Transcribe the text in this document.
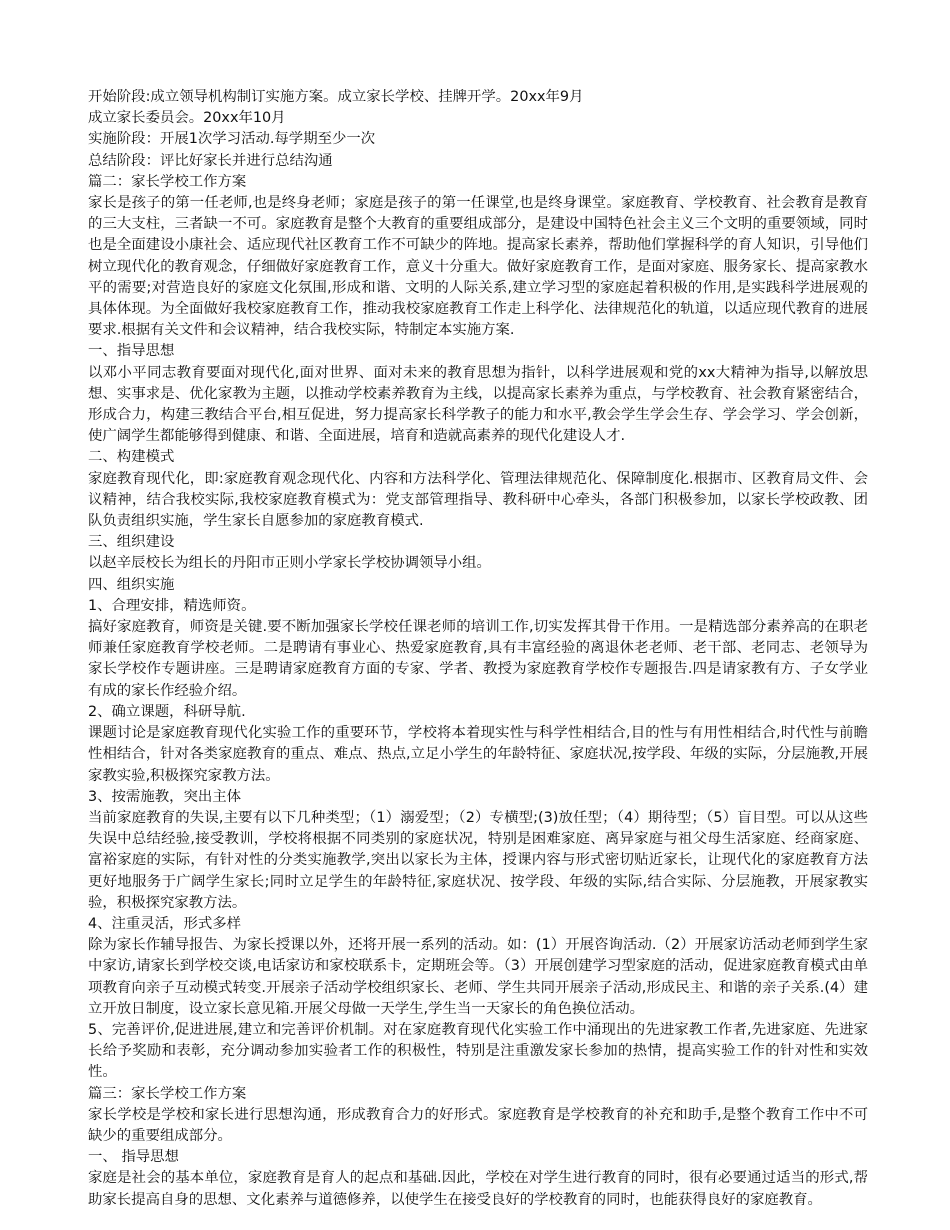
开始阶段:成立领导机构制订实施方案。成立家长学校、挂牌开学。20xx年9月
成立家长委员会。20xx年10月
实施阶段：开展1次学习活动.每学期至少一次
总结阶段：评比好家长并进行总结沟通
篇二：家长学校工作方案
家长是孩子的第一任老师,也是终身老师；家庭是孩子的第一任课堂,也是终身课堂。家庭教育、学校教育、社会教育是教育的三大支柱，三者缺一不可。家庭教育是整个大教育的重要组成部分，是建设中国特色社会主义三个文明的重要领域，同时也是全面建设小康社会、适应现代社区教育工作不可缺少的阵地。提高家长素养，帮助他们掌握科学的育人知识，引导他们树立现代化的教育观念，仔细做好家庭教育工作，意义十分重大。做好家庭教育工作，是面对家庭、服务家长、提高家教水平的需要;对营造良好的家庭文化氛围,形成和谐、文明的人际关系,建立学习型的家庭起着积极的作用,是实践科学进展观的具体体现。为全面做好我校家庭教育工作，推动我校家庭教育工作走上科学化、法律规范化的轨道，以适应现代教育的进展要求.根据有关文件和会议精神，结合我校实际，特制定本实施方案.
一、指导思想
以邓小平同志教育要面对现代化,面对世界、面对未来的教育思想为指针，以科学进展观和党的xx大精神为指导,以解放思想、实事求是、优化家教为主题，以推动学校素养教育为主线，以提高家长素养为重点，与学校教育、社会教育紧密结合，形成合力，构建三教结合平台,相互促进，努力提高家长科学教子的能力和水平,教会学生学会生存、学会学习、学会创新，使广阔学生都能够得到健康、和谐、全面进展，培育和造就高素养的现代化建设人才.
二、构建模式
家庭教育现代化，即:家庭教育观念现代化、内容和方法科学化、管理法律规范化、保障制度化.根据市、区教育局文件、会议精神，结合我校实际,我校家庭教育模式为：党支部管理指导、教科研中心牵头，各部门积极参加，以家长学校政教、团队负责组织实施，学生家长自愿参加的家庭教育模式.
三、组织建设
以赵辛辰校长为组长的丹阳市正则小学家长学校协调领导小组。
四、组织实施
1、合理安排，精选师资。
搞好家庭教育，师资是关键.要不断加强家长学校任课老师的培训工作,切实发挥其骨干作用。一是精选部分素养高的在职老师兼任家庭教育学校老师。二是聘请有事业心、热爱家庭教育,具有丰富经验的离退休老老师、老干部、老同志、老领导为家长学校作专题讲座。三是聘请家庭教育方面的专家、学者、教授为家庭教育学校作专题报告.四是请家教有方、子女学业有成的家长作经验介绍。
2、确立课题，科研导航.
课题讨论是家庭教育现代化实验工作的重要环节，学校将本着现实性与科学性相结合,目的性与有用性相结合,时代性与前瞻性相结合，针对各类家庭教育的重点、难点、热点,立足小学生的年龄特征、家庭状况,按学段、年级的实际，分层施教,开展家教实验,积极探究家教方法。
3、按需施教，突出主体
当前家庭教育的失误,主要有以下几种类型；（1）溺爱型；（2）专横型;(3)放任型；（4）期待型；（5）盲目型。可以从这些失误中总结经验,接受教训，学校将根据不同类别的家庭状况，特别是困难家庭、离异家庭与祖父母生活家庭、经商家庭、富裕家庭的实际，有针对性的分类实施教学,突出以家长为主体，授课内容与形式密切贴近家长，让现代化的家庭教育方法更好地服务于广阔学生家长;同时立足学生的年龄特征,家庭状况、按学段、年级的实际,结合实际、分层施教，开展家教实验，积极探究家教方法。
4、注重灵活，形式多样
除为家长作辅导报告、为家长授课以外，还将开展一系列的活动。如：(1）开展咨询活动.（2）开展家访活动老师到学生家中家访,请家长到学校交谈,电话家访和家校联系卡，定期班会等。（3）开展创建学习型家庭的活动，促进家庭教育模式由单项教育向亲子互动模式转变.开展亲子活动学校组织家长、老师、学生共同开展亲子活动,形成民主、和谐的亲子关系.(4）建立开放日制度，设立家长意见箱.开展父母做一天学生,学生当一天家长的角色换位活动。
5、完善评价,促进进展,建立和完善评价机制。对在家庭教育现代化实验工作中涌现出的先进家教工作者,先进家庭、先进家长给予奖励和表彰，充分调动参加实验者工作的积极性，特别是注重激发家长参加的热情，提高实验工作的针对性和实效性。
篇三：家长学校工作方案
家长学校是学校和家长进行思想沟通，形成教育合力的好形式。家庭教育是学校教育的补充和助手,是整个教育工作中不可缺少的重要组成部分。
一、 指导思想
家庭是社会的基本单位，家庭教育是育人的起点和基础.因此，学校在对学生进行教育的同时，很有必要通过适当的形式,帮助家长提高自身的思想、文化素养与道德修养，以使学生在接受良好的学校教育的同时，也能获得良好的家庭教育。
